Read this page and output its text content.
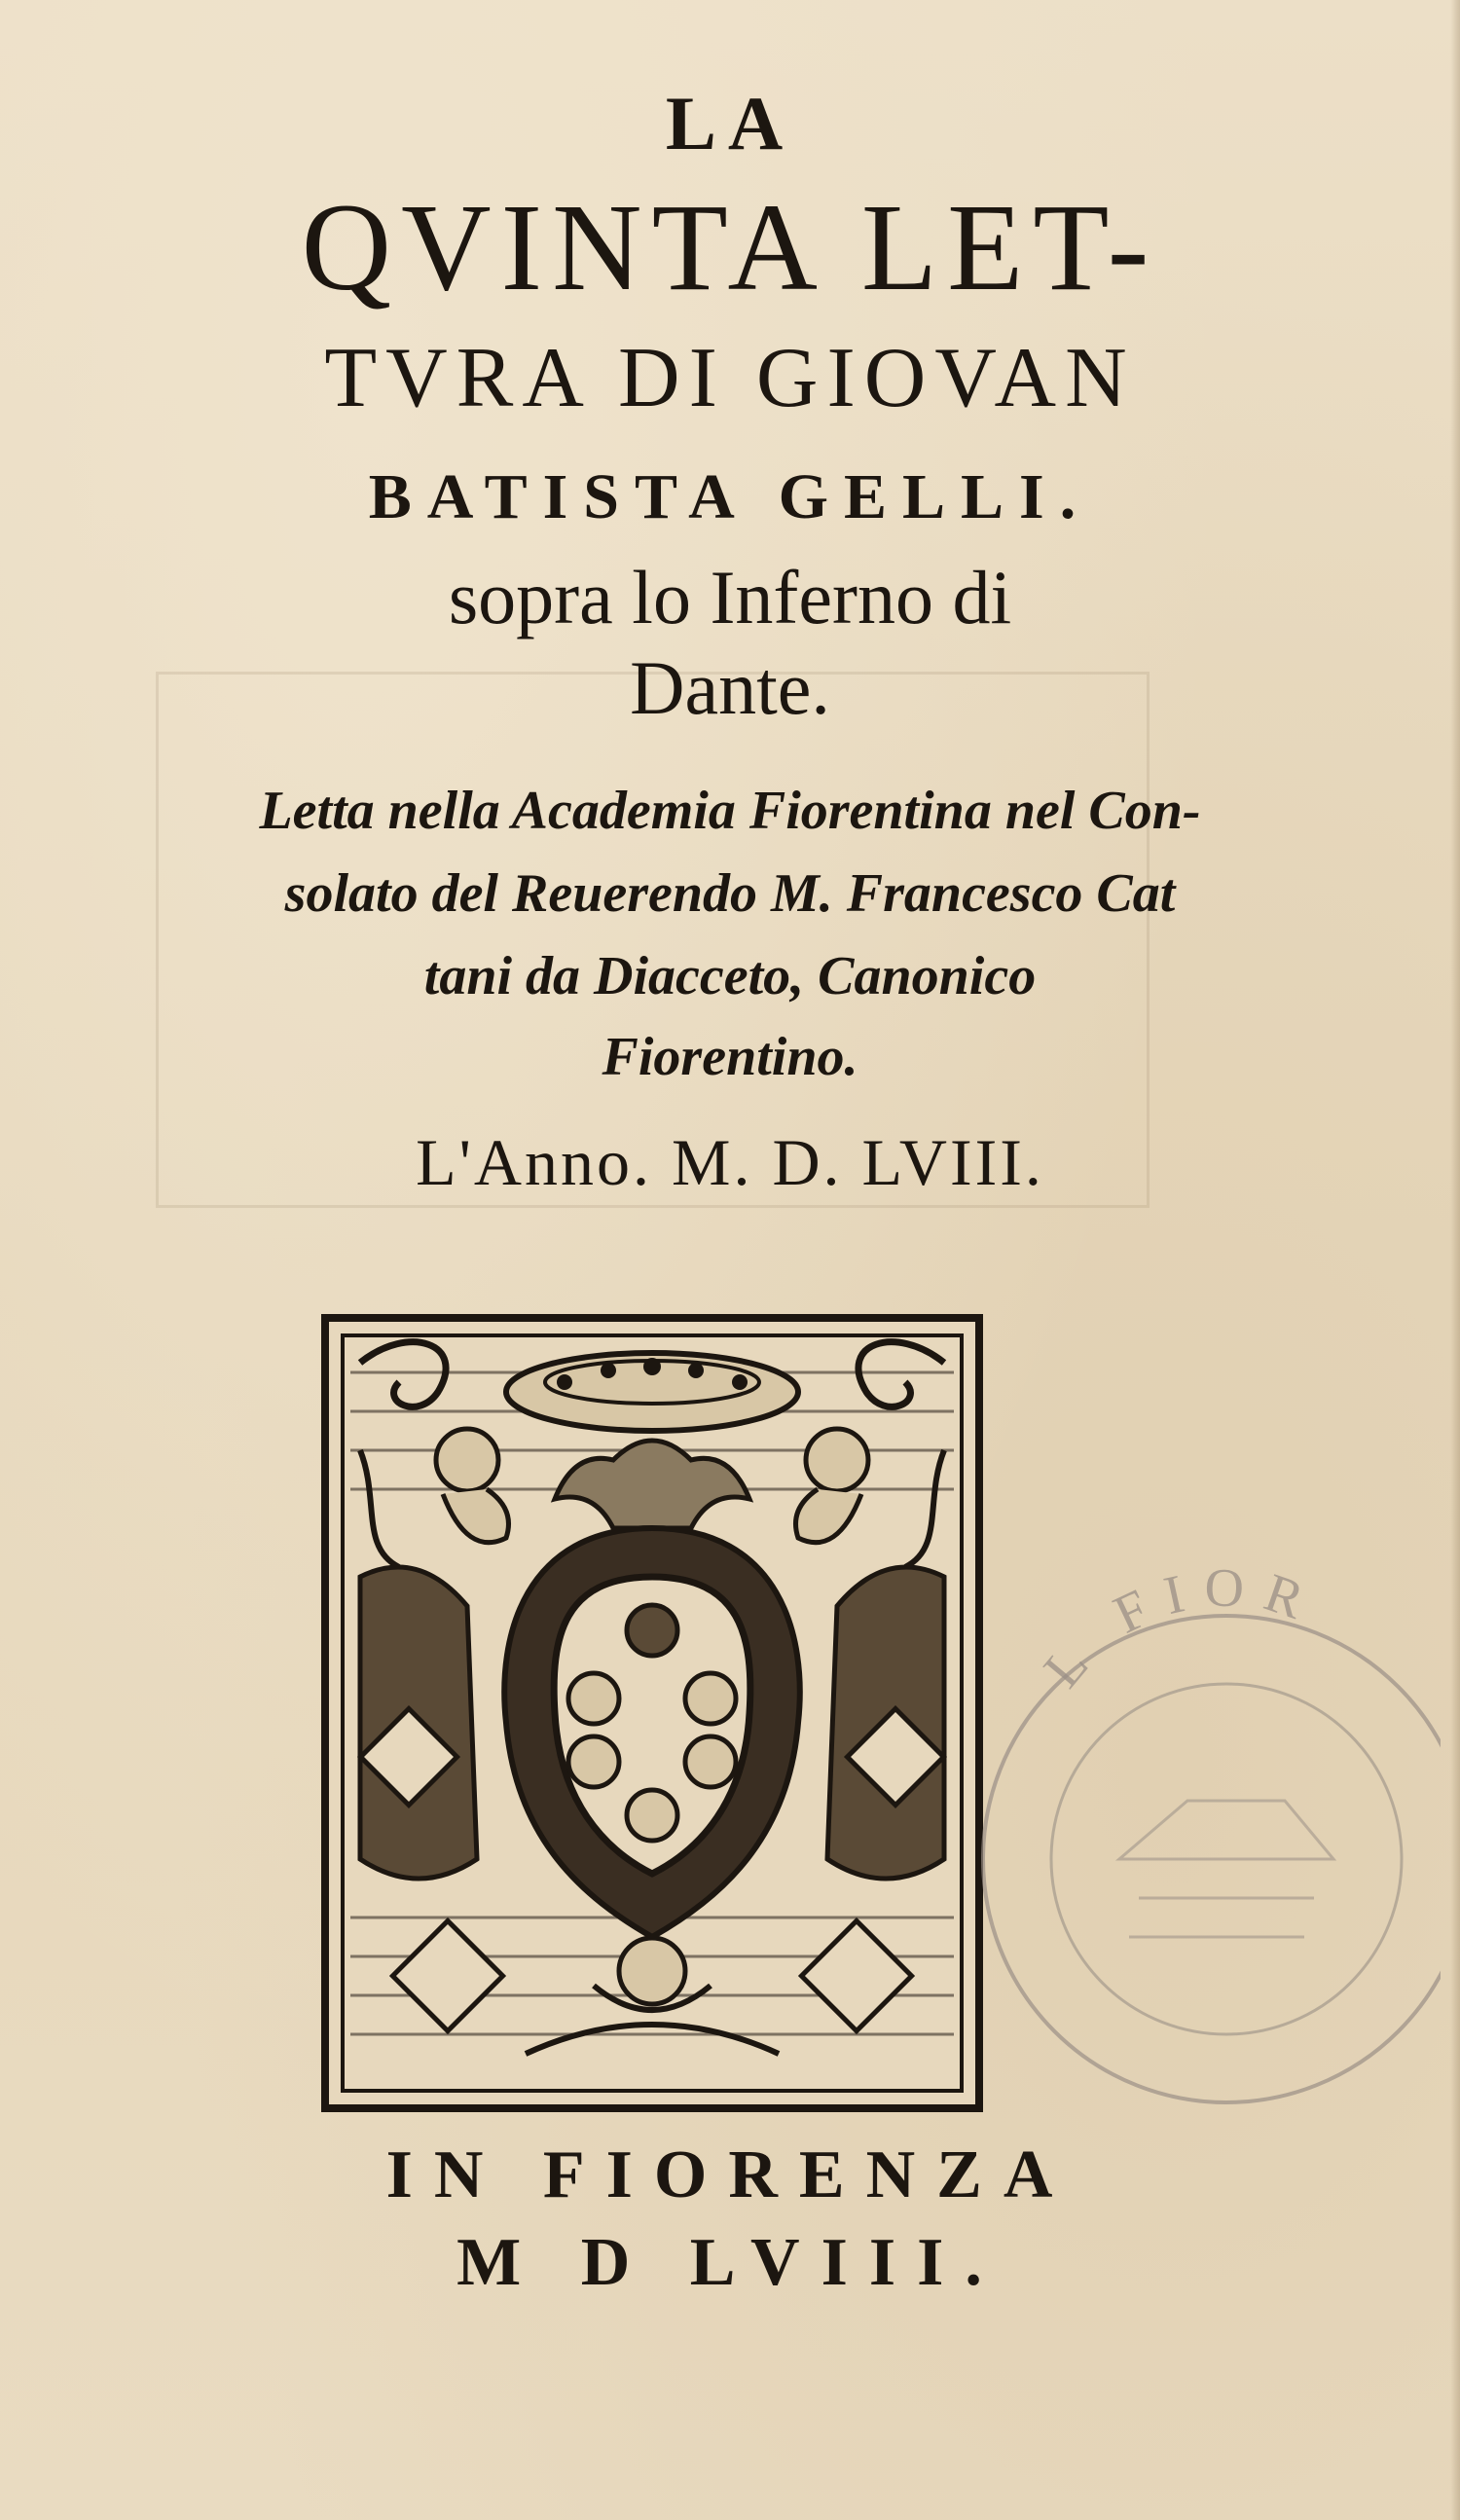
LA
QVINTA LET-
TVRA DI GIOVAN
BATISTA GELLI.
sopra lo Inferno di
Dante.
Letta nella Academia Fiorentina nel Con-
solato del Reuerendo M. Francesco Cat
tani da Diacceto, Canonico
Fiorentino.
L'Anno. M. D. LVIII.
L FIOR
IN FIORENZA
M D LVIII.
